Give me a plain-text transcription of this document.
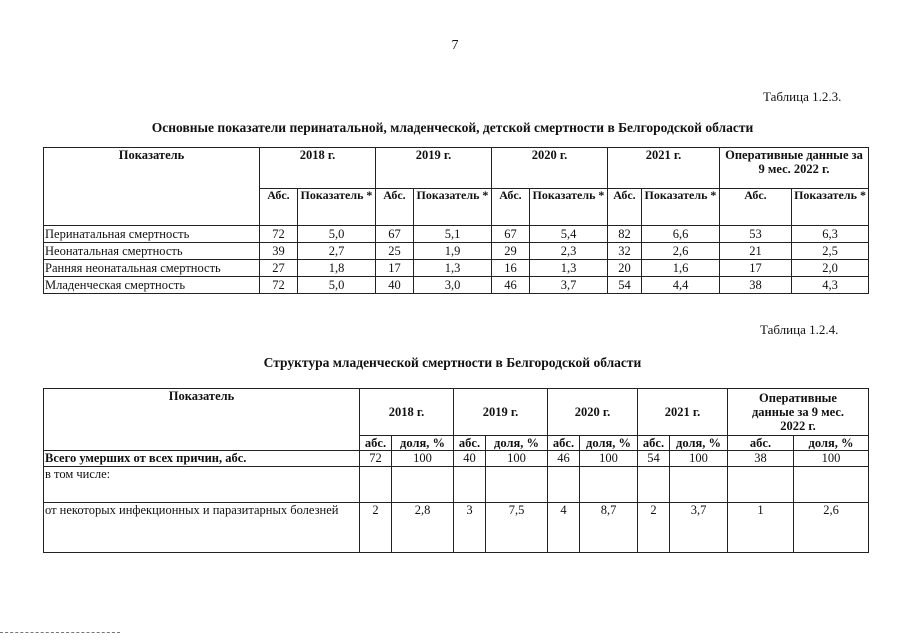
7
Таблица 1.2.3.
Основные показатели перинатальной, младенческой, детской смертности в Белгородской области
Показатель	2018 г.		2019 г.		2020 г.		2021 г.		Оперативные данные за 9 мес. 2022 г.	
	Абс.	Показатель *	Абс.	Показатель *	Абс.	Показатель *	Абс.	Показатель *	Абс.	Показатель *
Перинатальная смертность	72	5,0	67	5,1	67	5,4	82	6,6	53	6,3
Неонатальная смертность	39	2,7	25	1,9	29	2,3	32	2,6	21	2,5
Ранняя неонатальная смертность	27	1,8	17	1,3	16	1,3	20	1,6	17	2,0
Младенческая смертность	72	5,0	40	3,0	46	3,7	54	4,4	38	4,3
Таблица 1.2.4.
Структура младенческой смертности в Белгородской области
Показатель	2018 г.		2019 г.		2020 г.		2021 г.		Оперативные данные за 9 мес. 2022 г.	
	абс.	доля, %	абс.	доля, %	абс.	доля, %	абс.	доля, %	абс.	доля, %
Всего умерших от всех причин, абс.	72	100	40	100	46	100	54	100	38	100
в том числе:										
от некоторых инфекционных и паразитарных болезней	2	2,8	3	7,5	4	8,7	2	3,7	1	2,6
